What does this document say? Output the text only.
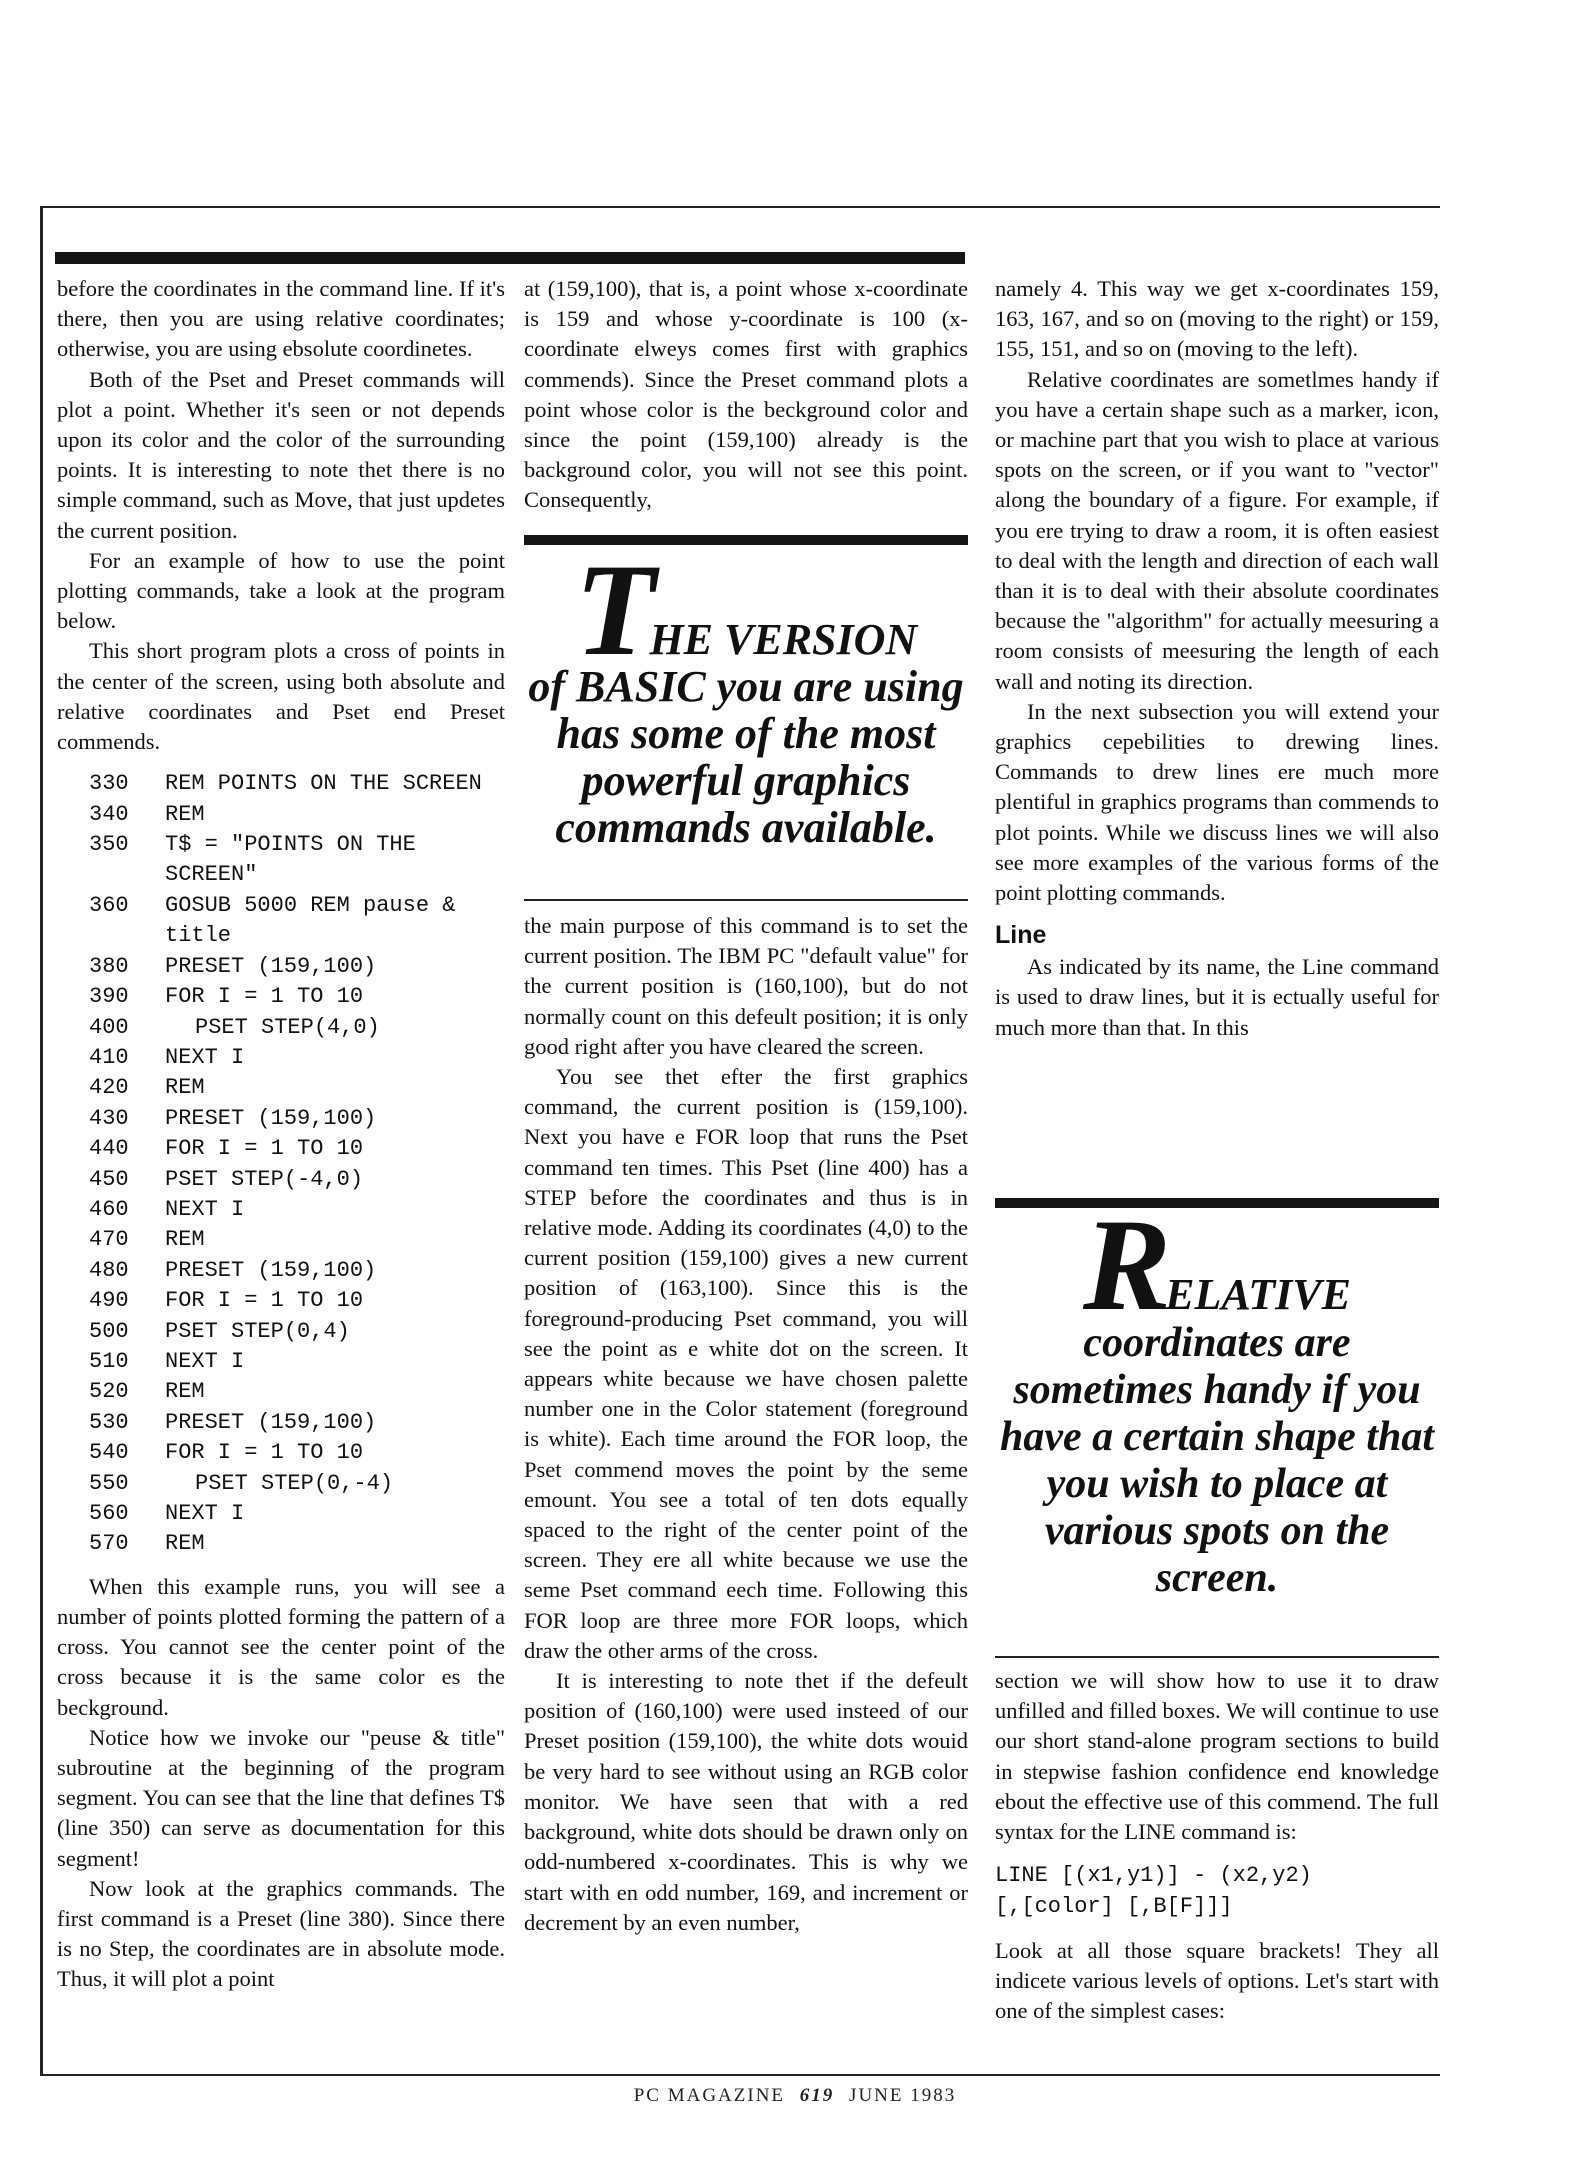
before the coordinates in the command line. If it's there, then you are using relative coordinates; otherwise, you are using ebsolute coordinetes.

Both of the Pset and Preset commands will plot a point. Whether it's seen or not depends upon its color and the color of the surrounding points. It is interesting to note thet there is no simple command, such as Move, that just updetes the current position.

For an example of how to use the point plotting commands, take a look at the program below.

This short program plots a cross of points in the center of the screen, using both absolute and relative coordinates and Pset end Preset commends.

330	REM POINTS ON THE SCREEN
340	REM
350	T$ = "POINTS ON THE SCREEN"
360	GOSUB 5000 REM pause & title
380	PRESET (159,100)
390	FOR I = 1 TO 10
400	PSET STEP(4,0)
410	NEXT I
420	REM
430	PRESET (159,100)
440	FOR I = 1 TO 10
450	PSET STEP(-4,0)
460	NEXT I
470	REM
480	PRESET (159,100)
490	FOR I = 1 TO 10
500	PSET STEP(0,4)
510	NEXT I
520	REM
530	PRESET (159,100)
540	FOR I = 1 TO 10
550	PSET STEP(0,-4)
560	NEXT I
570	REM

When this example runs, you will see a number of points plotted forming the pattern of a cross. You cannot see the center point of the cross because it is the same color es the beckground.

Notice how we invoke our "peuse & title" subroutine at the beginning of the program segment. You can see that the line that defines T$ (line 350) can serve as documentation for this segment!

Now look at the graphics commands. The first command is a Preset (line 380). Since there is no Step, the coordinates are in absolute mode. Thus, it will plot a point

at (159,100), that is, a point whose x-coordinate is 159 and whose y-coordinate is 100 (x-coordinate elweys comes first with graphics commends). Since the Preset command plots a point whose color is the beckground color and since the point (159,100) already is the background color, you will not see this point. Consequently,

THE VERSION
of BASIC you are using has some of the most powerful graphics commands available.

the main purpose of this command is to set the current position. The IBM PC "default value" for the current position is (160,100), but do not normally count on this defeult position; it is only good right after you have cleared the screen.

You see thet efter the first graphics command, the current position is (159,100). Next you have e FOR loop that runs the Pset command ten times. This Pset (line 400) has a STEP before the coordinates and thus is in relative mode. Adding its coordinates (4,0) to the current position (159,100) gives a new current position of (163,100). Since this is the foreground-producing Pset command, you will see the point as e white dot on the screen. It appears white because we have chosen palette number one in the Color statement (foreground is white). Each time around the FOR loop, the Pset commend moves the point by the seme emount. You see a total of ten dots equally spaced to the right of the center point of the screen. They ere all white because we use the seme Pset command eech time. Following this FOR loop are three more FOR loops, which draw the other arms of the cross.

It is interesting to note thet if the defeult position of (160,100) were used insteed of our Preset position (159,100), the white dots wouid be very hard to see without using an RGB color monitor. We have seen that with a red background, white dots should be drawn only on odd-numbered x-coordinates. This is why we start with en odd number, 169, and increment or decrement by an even number,

namely 4. This way we get x-coordinates 159, 163, 167, and so on (moving to the right) or 159, 155, 151, and so on (moving to the left).

Relative coordinates are sometlmes handy if you have a certain shape such as a marker, icon, or machine part that you wish to place at various spots on the screen, or if you want to "vector" along the boundary of a figure. For example, if you ere trying to draw a room, it is often easiest to deal with the length and direction of each wall than it is to deal with their absolute coordinates because the "algorithm" for actually meesuring a room consists of meesuring the length of each wall and noting its direction.

In the next subsection you will extend your graphics cepebilities to drewing lines. Commands to drew lines ere much more plentiful in graphics programs than commends to plot points. While we discuss lines we will also see more examples of the various forms of the point plotting commands.

Line

As indicated by its name, the Line command is used to draw lines, but it is ectually useful for much more than that. In this

RELATIVE
coordinates are sometimes handy if you have a certain shape that you wish to place at various spots on the screen.

section we will show how to use it to draw unfilled and filled boxes. We will continue to use our short stand-alone program sections to build in stepwise fashion confidence end knowledge ebout the effective use of this commend. The full syntax for the LINE command is:

LINE [(x1,y1)] - (x2,y2)
[,[color] [,B[F]]]

Look at all those square brackets! They all indicete various levels of options. Let's start with one of the simplest cases:

PC MAGAZINE 619 JUNE 1983
